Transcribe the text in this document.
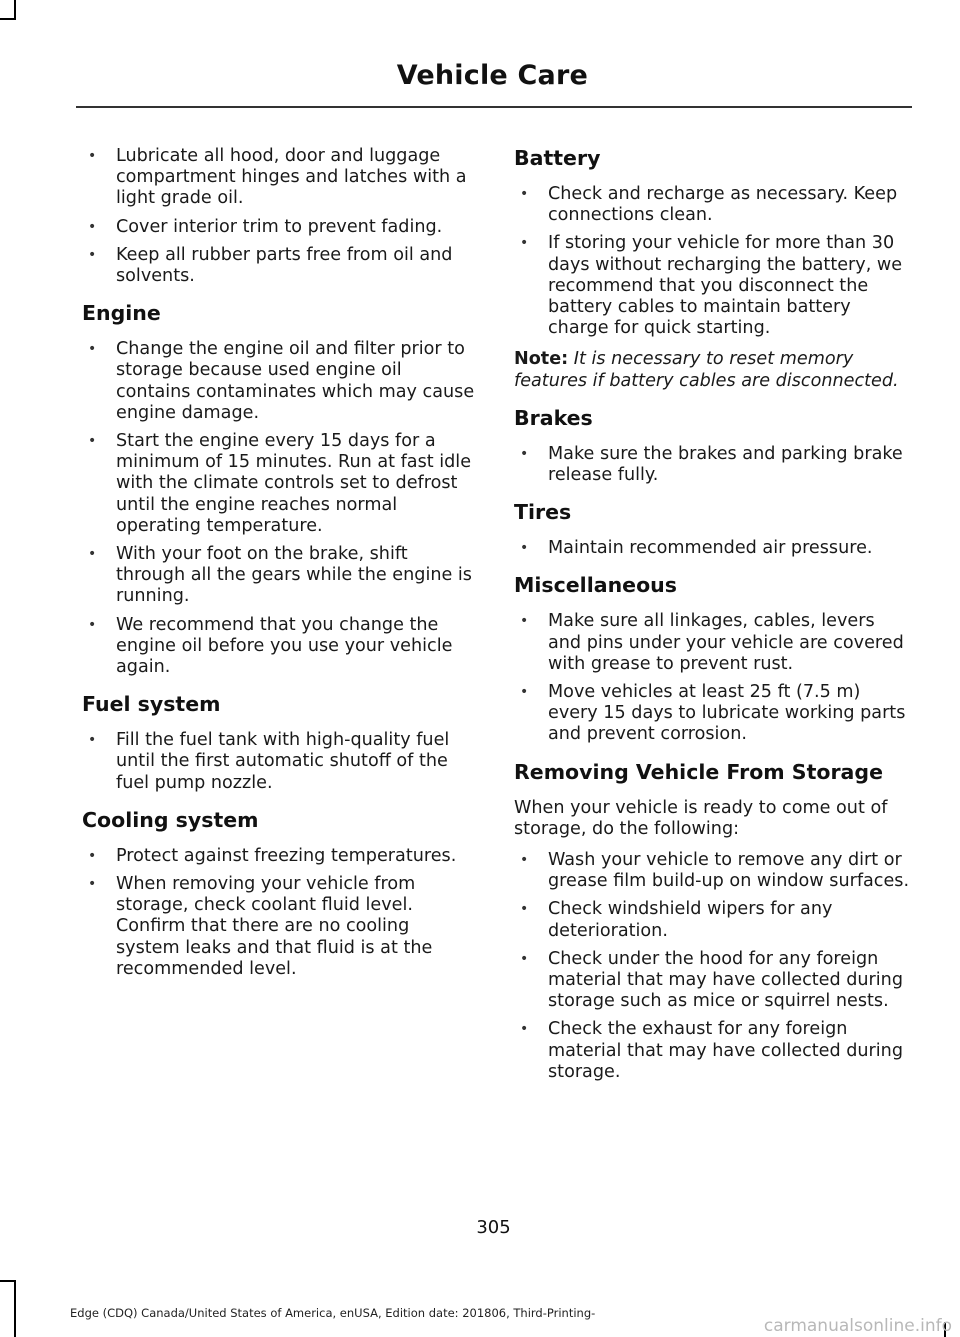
Vehicle Care
• Lubricate all hood, door and luggage compartment hinges and latches with a light grade oil.
• Cover interior trim to prevent fading.
• Keep all rubber parts free from oil and solvents.
Engine
• Change the engine oil and filter prior to storage because used engine oil contains contaminates which may cause engine damage.
• Start the engine every 15 days for a minimum of 15 minutes. Run at fast idle with the climate controls set to defrost until the engine reaches normal operating temperature.
• With your foot on the brake, shift through all the gears while the engine is running.
• We recommend that you change the engine oil before you use your vehicle again.
Fuel system
• Fill the fuel tank with high-quality fuel until the first automatic shutoff of the fuel pump nozzle.
Cooling system
• Protect against freezing temperatures.
• When removing your vehicle from storage, check coolant fluid level. Confirm that there are no cooling system leaks and that fluid is at the recommended level.
Battery
• Check and recharge as necessary. Keep connections clean.
• If storing your vehicle for more than 30 days without recharging the battery, we recommend that you disconnect the battery cables to maintain battery charge for quick starting.

Note: It is necessary to reset memory features if battery cables are disconnected.

Brakes
• Make sure the brakes and parking brake release fully.
Tires
• Maintain recommended air pressure.
Miscellaneous
• Make sure all linkages, cables, levers and pins under your vehicle are covered with grease to prevent rust.
• Move vehicles at least 25 ft (7.5 m) every 15 days to lubricate working parts and prevent corrosion.
Removing Vehicle From Storage

When your vehicle is ready to come out of storage, do the following:

• Wash your vehicle to remove any dirt or grease film build-up on window surfaces.
• Check windshield wipers for any deterioration.
• Check under the hood for any foreign material that may have collected during storage such as mice or squirrel nests.
• Check the exhaust for any foreign material that may have collected during storage.
305
Edge (CDQ) Canada/United States of America, enUSA, Edition date: 201806, Third-Printing-
carmanualsonline.info
